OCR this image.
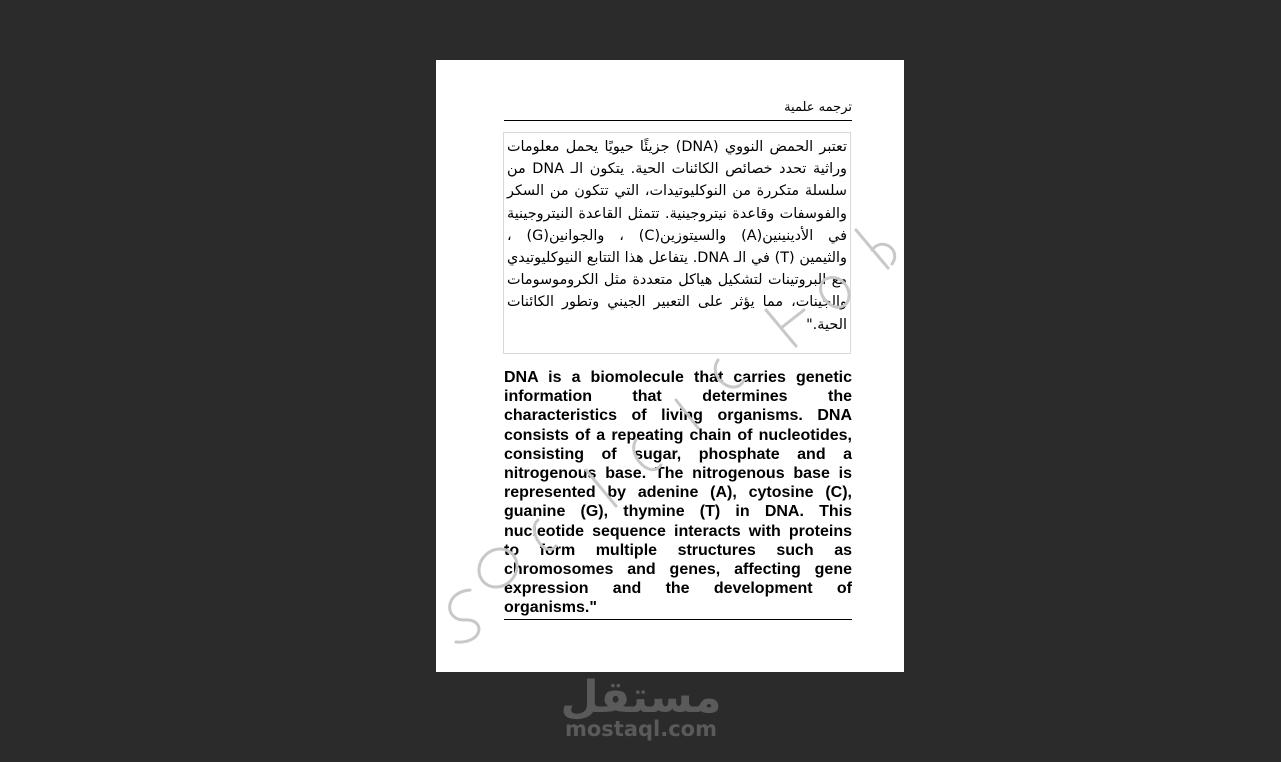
ترجمه علمية
تعتبر الحمض النووي (DNA) جزيئًا حيويًا يحمل معلومات وراثية تحدد خصائص الكائنات الحية. يتكون الـ DNA من سلسلة متكررة من النوكليوتيدات، التي تتكون من السكر والفوسفات وقاعدة نيتروجينية. تتمثل القاعدة النيتروجينية في الأدينينين(A) والسيتوزين(C) ، والجوانين(G) ، والثيمين (T) في الـ DNA. يتفاعل هذا التتابع النيوكليوتيدي مع البروتينات لتشكيل هياكل متعددة مثل الكروموسومات والجينات، مما يؤثر على التعبير الجيني وتطور الكائنات الحية."
DNA is a biomolecule that carries genetic information that determines the characteristics of living organisms. DNA consists of a repeating chain of nucleotides, consisting of sugar, phosphate and a nitrogenous base. The nitrogenous base is represented by adenine (A), cytosine (C), guanine (G), thymine (T) in DNA. This nucleotide sequence interacts with proteins to form multiple structures such as chromosomes and genes, affecting gene expression and the development of organisms."
مستقل
mostaql.com
